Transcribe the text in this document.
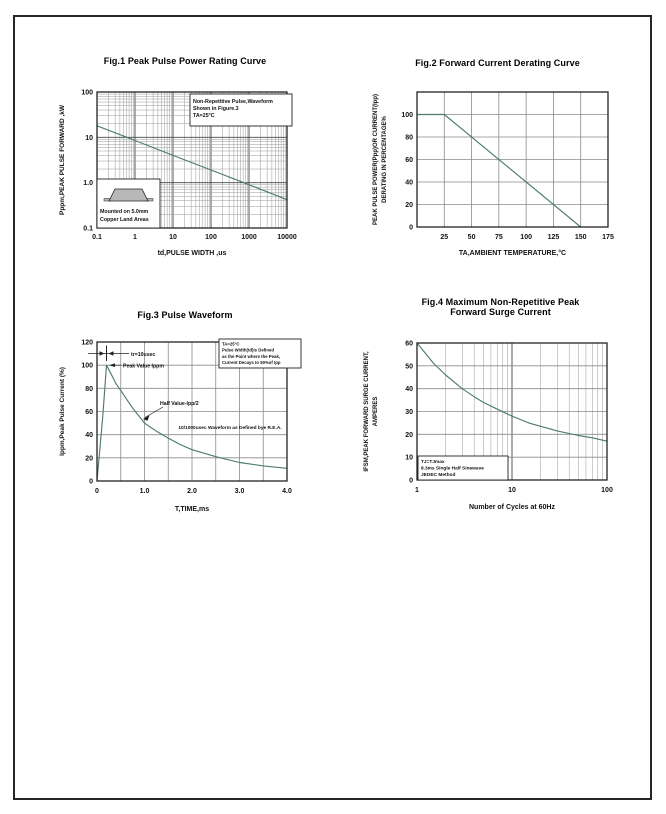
Fig.1 Peak Pulse Power Rating Curve	Fig.2 Forward Current Derating Curve
Fig.3 Pulse Waveform
Fig.4 Maximum Non-Repetitive Peak
Forward Surge Current
Non-Repetitive Pulse,Waveform
Shown in Figure.3
TA=25°C
Mounted on 5.0mm
Copper Land Areas
0.1	1	10	100	1000	10000
100
10
1.0
0.1
td,PULSE WIDTH ,us
Pppm,PEAK PULSE FORWARD ,kW
25	50	75	100 125 150 175
0
20
40
60
80
100
TA,AMBIENT TEMPERATURE,°C
PEAK PULSE POWER(Ppp)OR CURRENT(Ipp) DERATING IN PERCENTAGE%
TA=25°C
Pulse Width(td)is Defined
as the Point where the Peak,
Current Decays to 50%of Ipp
0	1.0	2.0	3.0	4.0
0
20
40
60
80
100
120
T,TIME,ms
Ippm,Peak Pulse Current (%)
tr=10usec
Peak Value Ippm
Half Value-Ipp/2
10/1000usec Waveform as Defined bye R.E.A.
TJ=TJmax
8.3ms Single Half Sinewave
JEDEC Method
1	10	100
0
10
20
30
40
50
60
Number of Cycles at 60Hz
IFSM,PEAK FORWARD SURGE CURRENT, AMPERES
